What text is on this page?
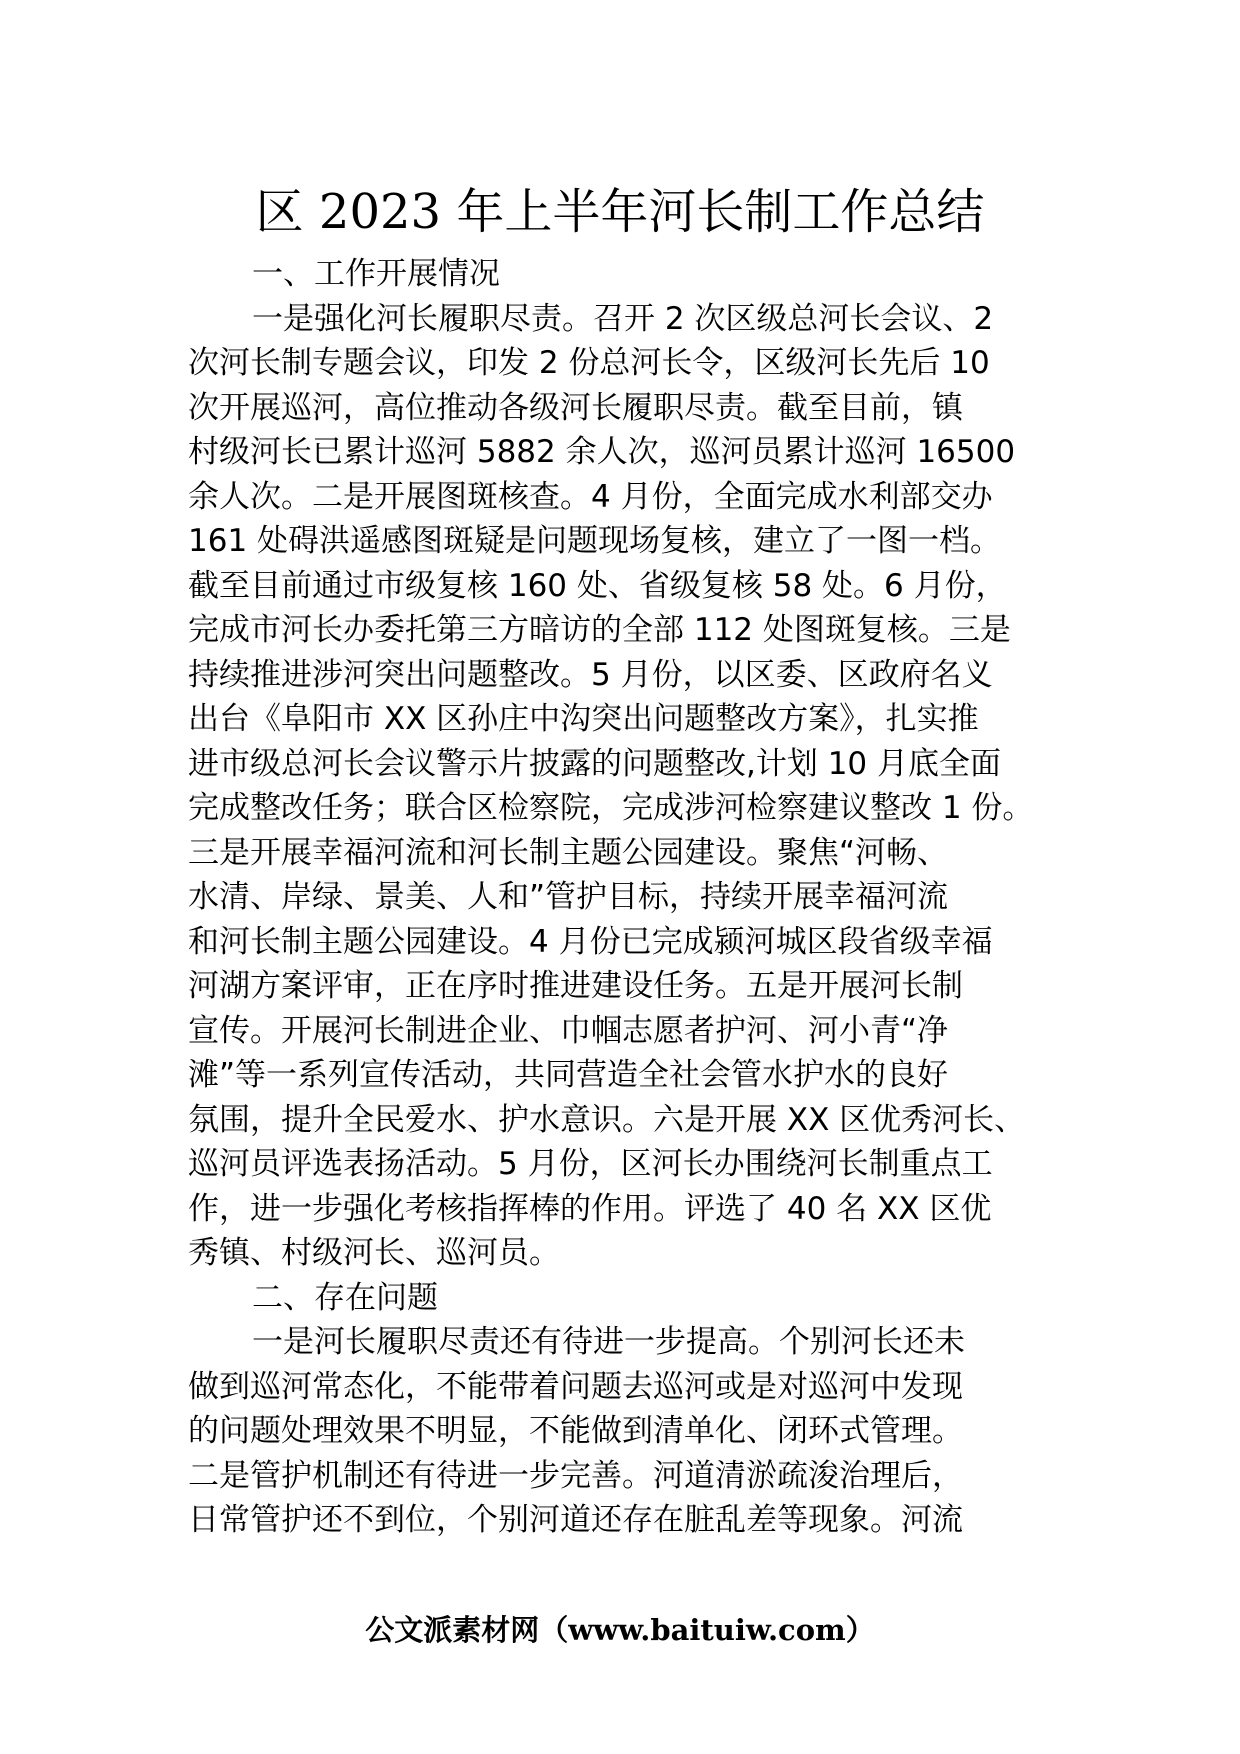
区 2023 年上半年河长制工作总结
一、工作开展情况
一是强化河长履职尽责。召开 2 次区级总河长会议、2
次河长制专题会议，印发 2 份总河长令，区级河长先后 10
次开展巡河，高位推动各级河长履职尽责。截至目前，镇
村级河长已累计巡河 5882 余人次，巡河员累计巡河 16500
余人次。二是开展图斑核查。4 月份，全面完成水利部交办
161 处碍洪遥感图斑疑是问题现场复核，建立了一图一档。
截至目前通过市级复核 160 处、省级复核 58 处。6 月份，
完成市河长办委托第三方暗访的全部 112 处图斑复核。三是
持续推进涉河突出问题整改。5 月份，以区委、区政府名义
出台《阜阳市 XX 区孙庄中沟突出问题整改方案》，扎实推
进市级总河长会议警示片披露的问题整改,计划 10 月底全面
完成整改任务；联合区检察院，完成涉河检察建议整改 1 份。
三是开展幸福河流和河长制主题公园建设。聚焦“河畅、
水清、岸绿、景美、人和”管护目标，持续开展幸福河流
和河长制主题公园建设。4 月份已完成颍河城区段省级幸福
河湖方案评审，正在序时推进建设任务。五是开展河长制
宣传。开展河长制进企业、巾帼志愿者护河、河小青“净
滩”等一系列宣传活动，共同营造全社会管水护水的良好
氛围，提升全民爱水、护水意识。六是开展 XX 区优秀河长、
巡河员评选表扬活动。5 月份，区河长办围绕河长制重点工
作，进一步强化考核指挥棒的作用。评选了 40 名 XX 区优
秀镇、村级河长、巡河员。
二、存在问题
一是河长履职尽责还有待进一步提高。个别河长还未
做到巡河常态化，不能带着问题去巡河或是对巡河中发现
的问题处理效果不明显，不能做到清单化、闭环式管理。
二是管护机制还有待进一步完善。河道清淤疏浚治理后，
日常管护还不到位，个别河道还存在脏乱差等现象。河流
公文派素材网（www.baituiw.com）
